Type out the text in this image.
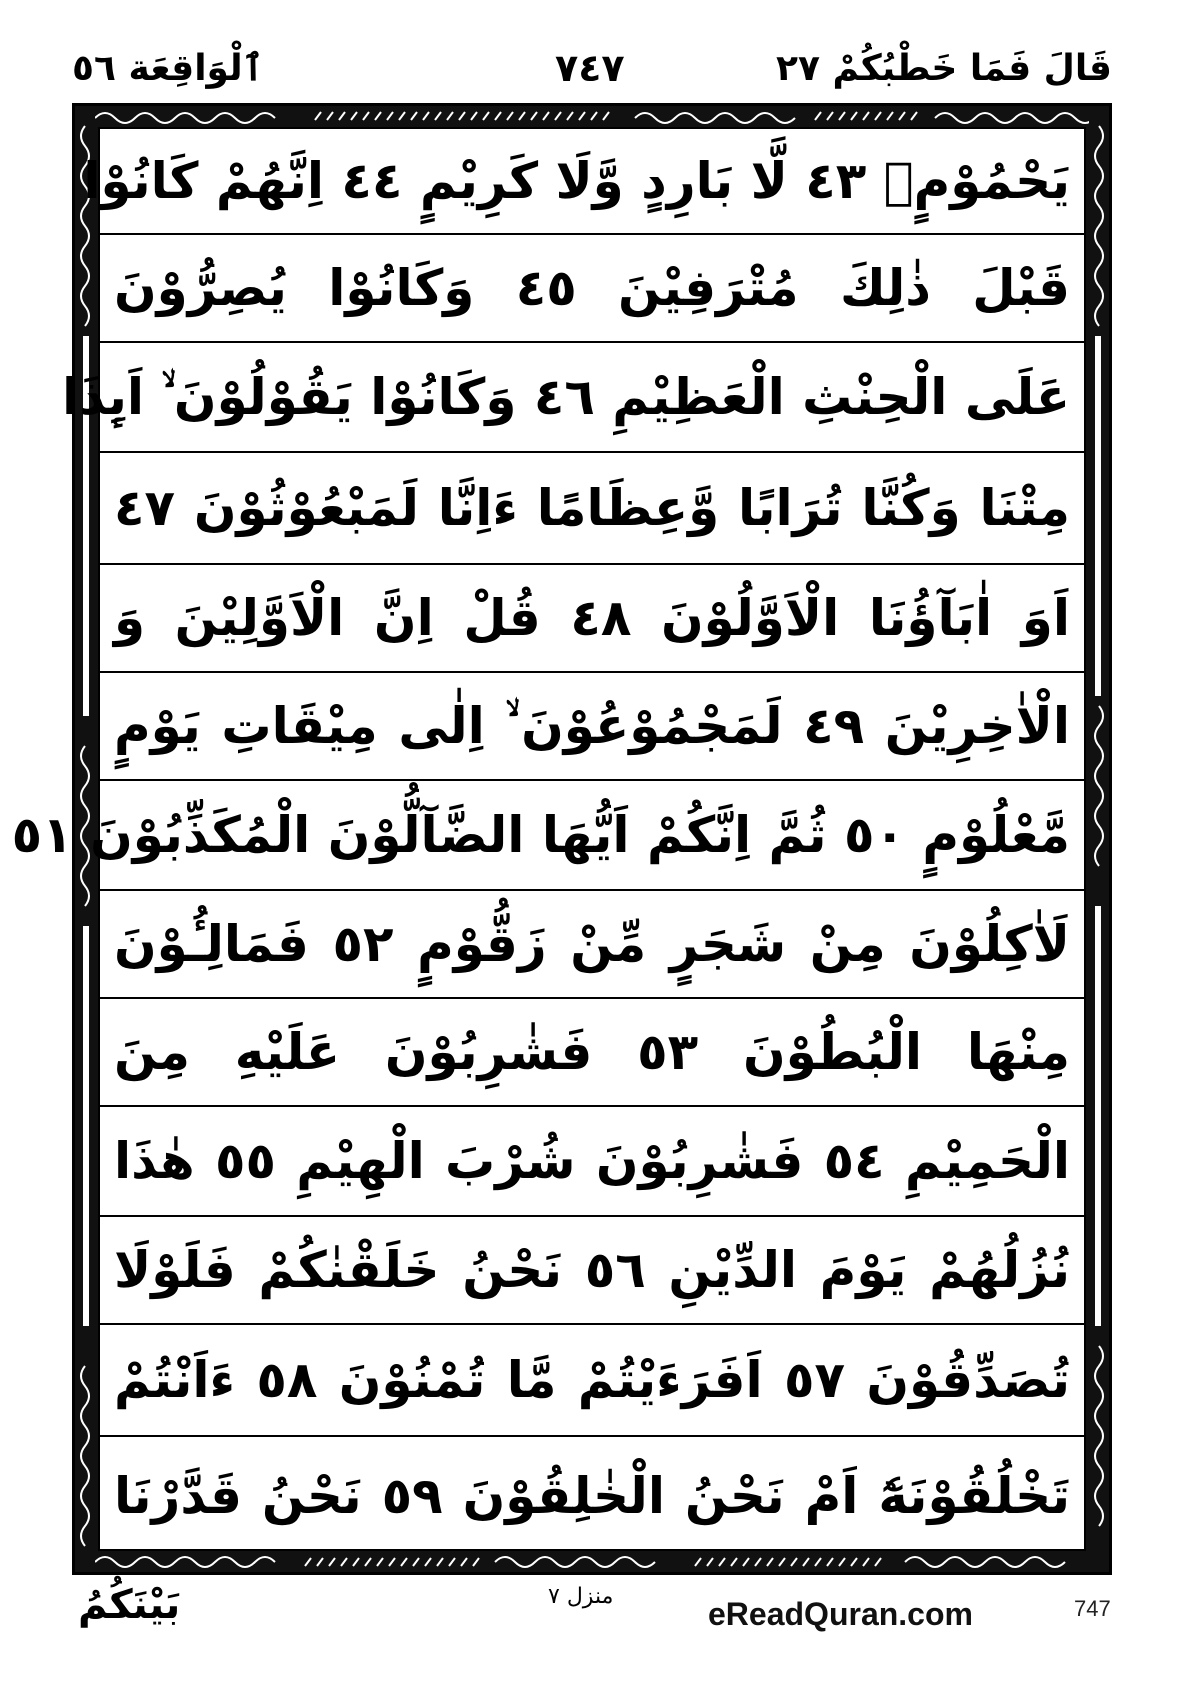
ٱلْوَاقِعَة ٥٦	٧٤٧	قَالَ فَمَا خَطْبُكُمْ ٢٧
يَحْمُوْمٍۙ ٤٣ لَّا بَارِدٍ وَّلَا كَرِيْمٍ ٤٤ اِنَّهُمْ كَانُوْا
قَبْلَ ذٰلِكَ مُتْرَفِيْنَ ٤٥ وَكَانُوْا يُصِرُّوْنَ
عَلَى الْحِنْثِ الْعَظِيْمِ ٤٦ وَكَانُوْا يَقُوْلُوْنَ ۙ اَىِٕذَا
مِتْنَا وَكُنَّا تُرَابًا وَّعِظَامًا ءَاِنَّا لَمَبْعُوْثُوْنَ ٤٧
اَوَ اٰبَآؤُنَا الْاَوَّلُوْنَ ٤٨ قُلْ اِنَّ الْاَوَّلِيْنَ وَ
الْاٰخِرِيْنَ ٤٩ لَمَجْمُوْعُوْنَ ۙ اِلٰى مِيْقَاتِ يَوْمٍ
مَّعْلُوْمٍ ٥٠ ثُمَّ اِنَّكُمْ اَيُّهَا الضَّآلُّوْنَ الْمُكَذِّبُوْنَ ٥١
لَاٰكِلُوْنَ مِنْ شَجَرٍ مِّنْ زَقُّوْمٍ ٥٢ فَمَالِـُٔوْنَ
مِنْهَا الْبُطُوْنَ ٥٣ فَشٰرِبُوْنَ عَلَيْهِ مِنَ
الْحَمِيْمِ ٥٤ فَشٰرِبُوْنَ شُرْبَ الْهِيْمِ ٥٥ هٰذَا
نُزُلُهُمْ يَوْمَ الدِّيْنِ ٥٦ نَحْنُ خَلَقْنٰكُمْ فَلَوْلَا
تُصَدِّقُوْنَ ٥٧ اَفَرَءَيْتُمْ مَّا تُمْنُوْنَ ٥٨ ءَاَنْتُمْ
تَخْلُقُوْنَهٗٓ اَمْ نَحْنُ الْخٰلِقُوْنَ ٥٩ نَحْنُ قَدَّرْنَا
بَيْنَكُمُ	منزل ٧	eReadQuran.com	747
